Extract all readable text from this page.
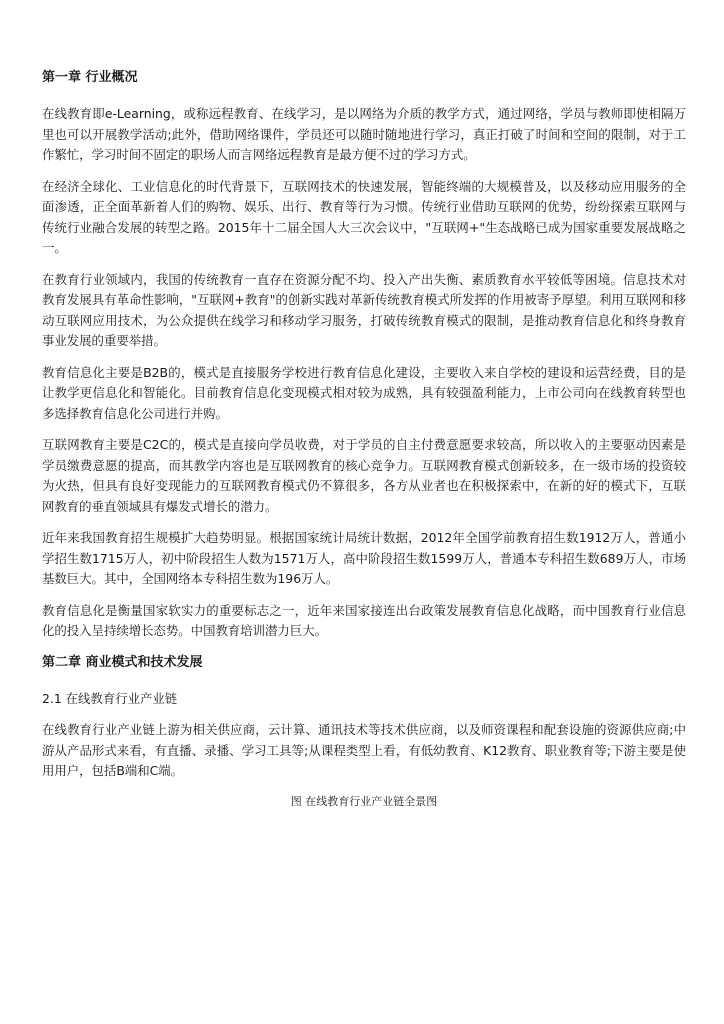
第一章 行业概况

在线教育即e-Learning，或称远程教育、在线学习，是以网络为介质的教学方式，通过网络，学员与教师即使相隔万里也可以开展教学活动;此外，借助网络课件，学员还可以随时随地进行学习，真正打破了时间和空间的限制，对于工作繁忙，学习时间不固定的职场人而言网络远程教育是最方便不过的学习方式。

在经济全球化、工业信息化的时代背景下，互联网技术的快速发展，智能终端的大规模普及，以及移动应用服务的全面渗透，正全面革新着人们的购物、娱乐、出行、教育等行为习惯。传统行业借助互联网的优势，纷纷探索互联网与传统行业融合发展的转型之路。2015年十二届全国人大三次会议中，"互联网+"生态战略已成为国家重要发展战略之一。

在教育行业领域内，我国的传统教育一直存在资源分配不均、投入产出失衡、素质教育水平较低等困境。信息技术对教育发展具有革命性影响，"互联网+教育"的创新实践对革新传统教育模式所发挥的作用被寄予厚望。利用互联网和移动互联网应用技术，为公众提供在线学习和移动学习服务，打破传统教育模式的限制，是推动教育信息化和终身教育事业发展的重要举措。

教育信息化主要是B2B的，模式是直接服务学校进行教育信息化建设，主要收入来自学校的建设和运营经费，目的是让教学更信息化和智能化。目前教育信息化变现模式相对较为成熟，具有较强盈利能力，上市公司向在线教育转型也多选择教育信息化公司进行并购。

互联网教育主要是C2C的，模式是直接向学员收费，对于学员的自主付费意愿要求较高，所以收入的主要驱动因素是学员缴费意愿的提高，而其教学内容也是互联网教育的核心竞争力。互联网教育模式创新较多，在一级市场的投资较为火热，但具有良好变现能力的互联网教育模式仍不算很多，各方从业者也在积极探索中，在新的好的模式下，互联网教育的垂直领域具有爆发式增长的潜力。

近年来我国教育招生规模扩大趋势明显。根据国家统计局统计数据，2012年全国学前教育招生数1912万人，普通小学招生数1715万人，初中阶段招生人数为1571万人，高中阶段招生数1599万人，普通本专科招生数689万人，市场基数巨大。其中，全国网络本专科招生数为196万人。

教育信息化是衡量国家软实力的重要标志之一，近年来国家接连出台政策发展教育信息化战略，而中国教育行业信息化的投入呈持续增长态势。中国教育培训潜力巨大。

第二章 商业模式和技术发展
2.1 在线教育行业产业链

在线教育行业产业链上游为相关供应商，云计算、通讯技术等技术供应商，以及师资课程和配套设施的资源供应商;中游从产品形式来看，有直播、录播、学习工具等;从课程类型上看，有低幼教育、K12教育、职业教育等;下游主要是使用用户，包括B端和C端。

图 在线教育行业产业链全景图
